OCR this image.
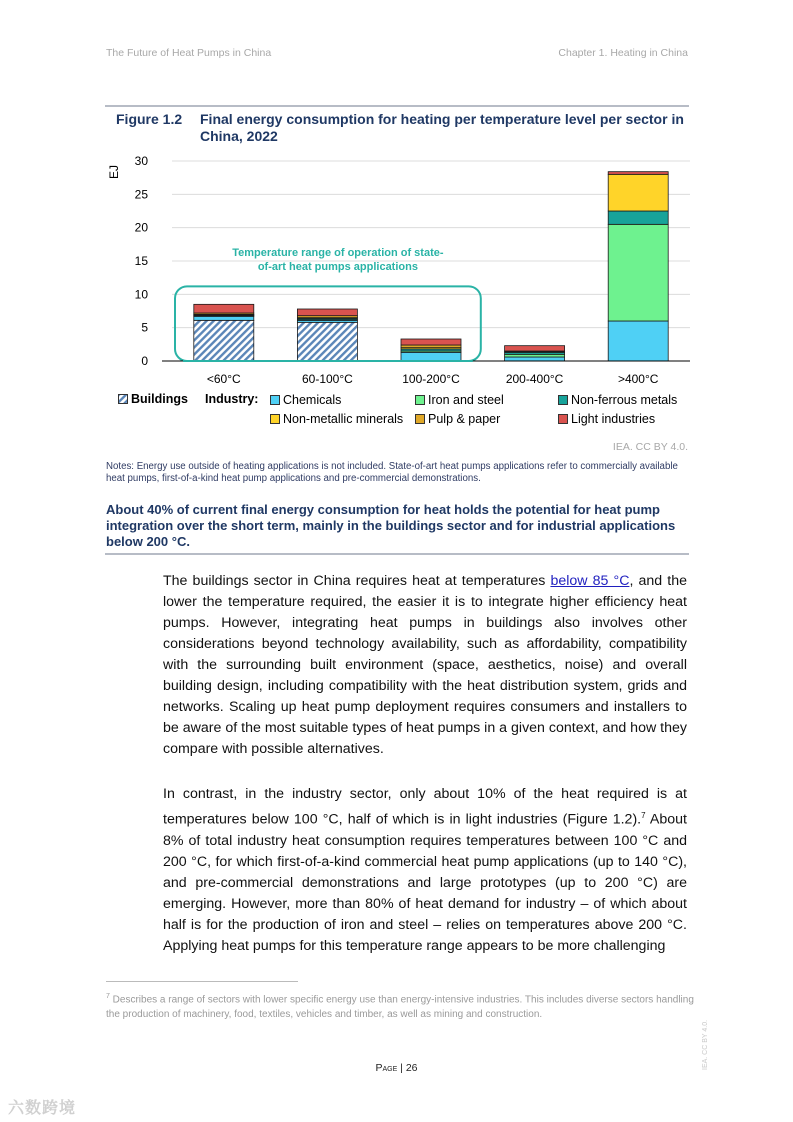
The Future of Heat Pumps in China	Chapter 1. Heating in China
Figure 1.2 Final energy consumption for heating per temperature level per sector in China, 2022
EJ
0
5
10
15
20
25
30
Temperature range of operation of state-
of-art heat pumps applications
<60°C	60-100°C	100-200°C	200-400°C	>400°C
Buildings Industry: Chemicals	Iron and steel	Non-ferrous metals
Non-metallic minerals Pulp & paper	Light industries
IEA. CC BY 4.0.
Notes: Energy use outside of heating applications is not included. State-of-art heat pumps applications refer to commercially available heat pumps, first-of-a-kind heat pump applications and pre-commercial demonstrations.
About 40% of current final energy consumption for heat holds the potential for heat pump integration over the short term, mainly in the buildings sector and for industrial applications below 200 °C.

The buildings sector in China requires heat at temperatures below 85 °C, and the lower the temperature required, the easier it is to integrate higher efficiency heat pumps. However, integrating heat pumps in buildings also involves other considerations beyond technology availability, such as affordability, compatibility with the surrounding built environment (space, aesthetics, noise) and overall building design, including compatibility with the heat distribution system, grids and networks. Scaling up heat pump deployment requires consumers and installers to be aware of the most suitable types of heat pumps in a given context, and how they compare with possible alternatives.

In contrast, in the industry sector, only about 10% of the heat required is at temperatures below 100 °C, half of which is in light industries (Figure 1.2).$^7$ About 8% of total industry heat consumption requires temperatures between 100 °C and 200 °C, for which first-of-a-kind commercial heat pump applications (up to 140 °C), and pre-commercial demonstrations and large prototypes (up to 200 °C) are emerging. However, more than 80% of heat demand for industry – of which about half is for the production of iron and steel – relies on temperatures above 200 °C. Applying heat pumps for this temperature range appears to be more challenging

$^7$ Describes a range of sectors with lower specific energy use than energy-intensive industries. This includes diverse sectors handling the production of machinery, food, textiles, vehicles and timber, as well as mining and construction.
Page | 26	IEA. CC BY 4.0.
六数跨境
